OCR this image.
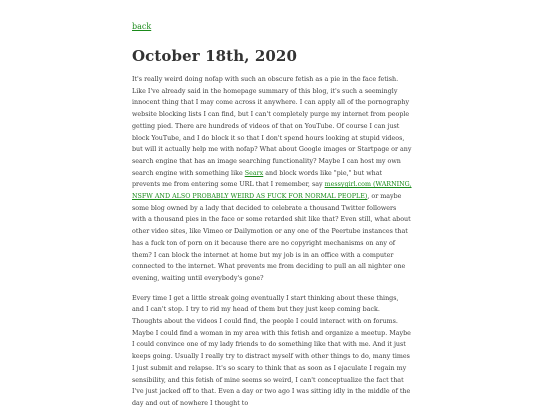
back
October 18th, 2020

It's really weird doing nofap with such an obscure fetish as a pie in the face fetish. Like I've already said in the homepage summary of this blog, it's such a seemingly innocent thing that I may come across it anywhere. I can apply all of the pornography website blocking lists I can find, but I can't completely purge my internet from people getting pied. There are hundreds of videos of that on YouTube. Of course I can just block YouTube, and I do block it so that I don't spend hours looking at stupid videos, but will it actually help me with nofap? What about Google images or Startpage or any search engine that has an image searching functionality? Maybe I can host my own search engine with something like Searx and block words like "pie," but what prevents me from entering some URL that I remember, say messygirl.com (WARNING, NSFW AND ALSO PROBABLY WEIRD AS FUCK FOR NORMAL PEOPLE), or maybe some blog owned by a lady that decided to celebrate a thousand Twitter followers with a thousand pies in the face or some retarded shit like that? Even still, what about other video sites, like Vimeo or Dailymotion or any one of the Peertube instances that has a fuck ton of porn on it because there are no copyright mechanisms on any of them? I can block the internet at home but my job is in an office with a computer connected to the internet. What prevents me from deciding to pull an all nighter one evening, waiting until everybody's gone?

Every time I get a little streak going eventually I start thinking about these things, and I can't stop. I try to rid my head of them but they just keep coming back. Thoughts about the videos I could find, the people I could interact with on forums. Maybe I could find a woman in my area with this fetish and organize a meetup. Maybe I could convince one of my lady friends to do something like that with me. And it just keeps going. Usually I really try to distract myself with other things to do, many times I just submit and relapse. It's so scary to think that as soon as I ejaculate I regain my sensibility, and this fetish of mine seems so weird, I can't conceptualize the fact that I've just jacked off to that. Even a day or two ago I was sitting idly in the middle of the day and out of nowhere I thought to
